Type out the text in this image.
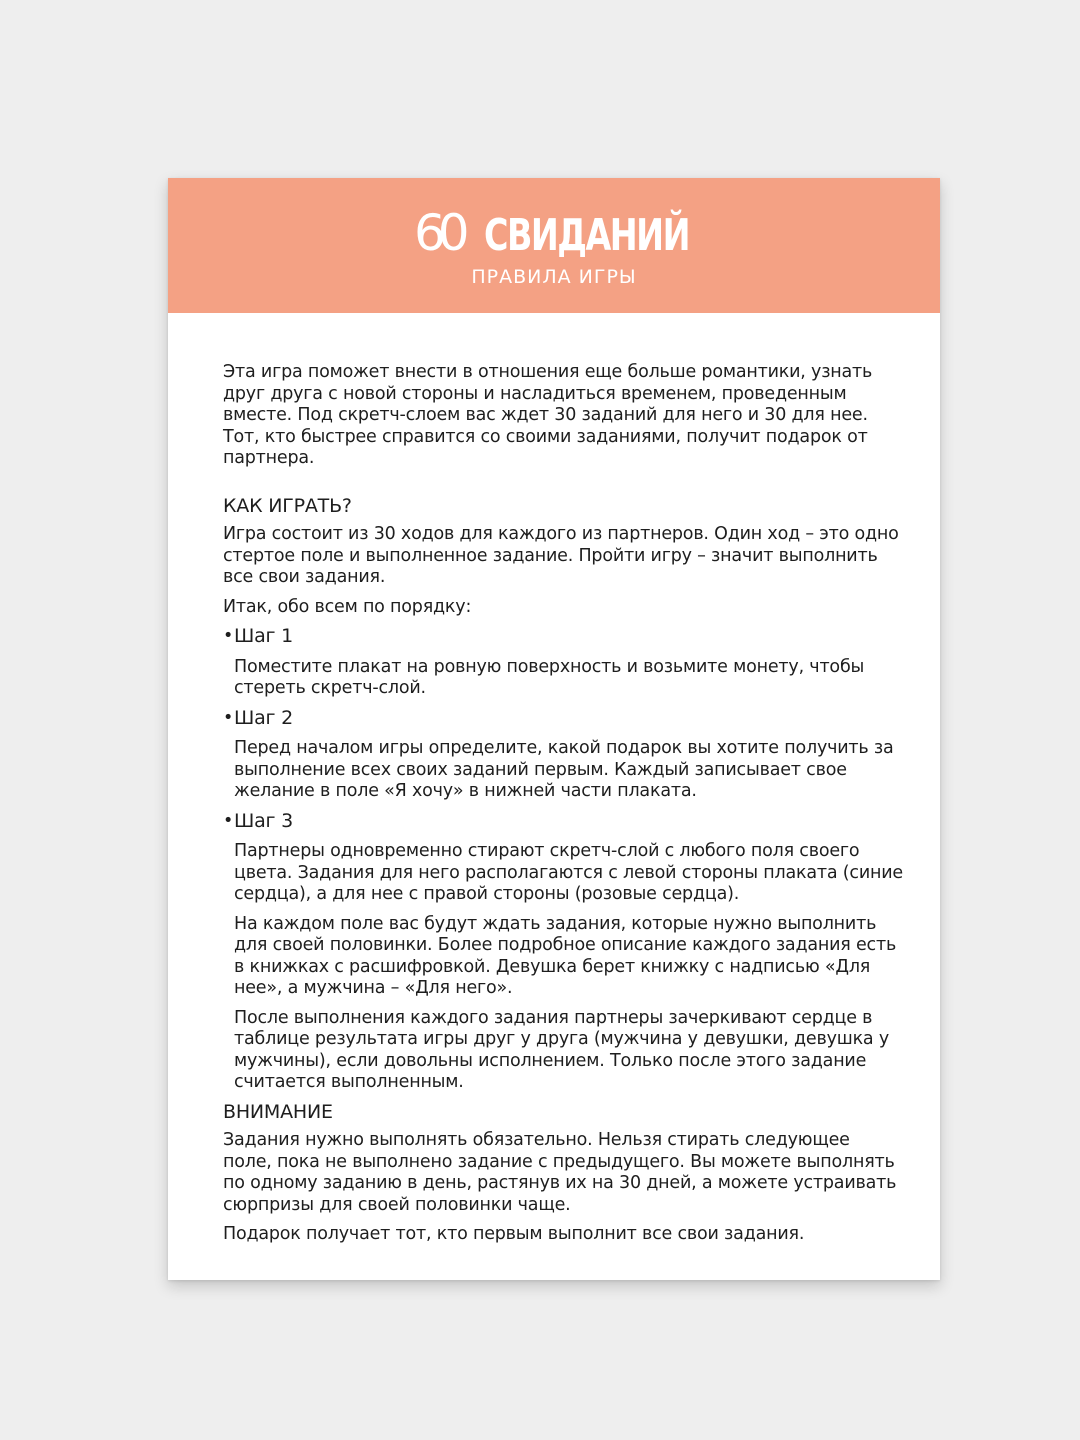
60 СВИДАНИЙ
ПРАВИЛА ИГРЫ

Эта игра поможет внести в отношения еще больше романтики, узнать друг друга с новой стороны и насладиться временем, проведенным вместе. Под скретч-слоем вас ждет 30 заданий для него и 30 для нее. Тот, кто быстрее справится со своими заданиями, получит подарок от партнера.

КАК ИГРАТЬ?

Игра состоит из 30 ходов для каждого из партнеров. Один ход – это одно стертое поле и выполненное задание. Пройти игру – значит выполнить все свои задания.

Итак, обо всем по порядку:

• Шаг 1

Поместите плакат на ровную поверхность и возьмите монету, чтобы стереть скретч-слой.

• Шаг 2

Перед началом игры определите, какой подарок вы хотите получить за выполнение всех своих заданий первым. Каждый записывает свое желание в поле «Я хочу» в нижней части плаката.

• Шаг 3

Партнеры одновременно стирают скретч-слой с любого поля своего цвета. Задания для него располагаются с левой стороны плаката (синие сердца), а для нее с правой стороны (розовые сердца).

На каждом поле вас будут ждать задания, которые нужно выполнить для своей половинки. Более подробное описание каждого задания есть в книжках с расшифровкой. Девушка берет книжку с надписью «Для нее», а мужчина – «Для него».

После выполнения каждого задания партнеры зачеркивают сердце в таблице результата игры друг у друга (мужчина у девушки, девушка у мужчины), если довольны исполнением. Только после этого задание считается выполненным.

ВНИМАНИЕ

Задания нужно выполнять обязательно. Нельзя стирать следующее поле, пока не выполнено задание с предыдущего. Вы можете выполнять по одному заданию в день, растянув их на 30 дней, а можете устраивать сюрпризы для своей половинки чаще.

Подарок получает тот, кто первым выполнит все свои задания.
